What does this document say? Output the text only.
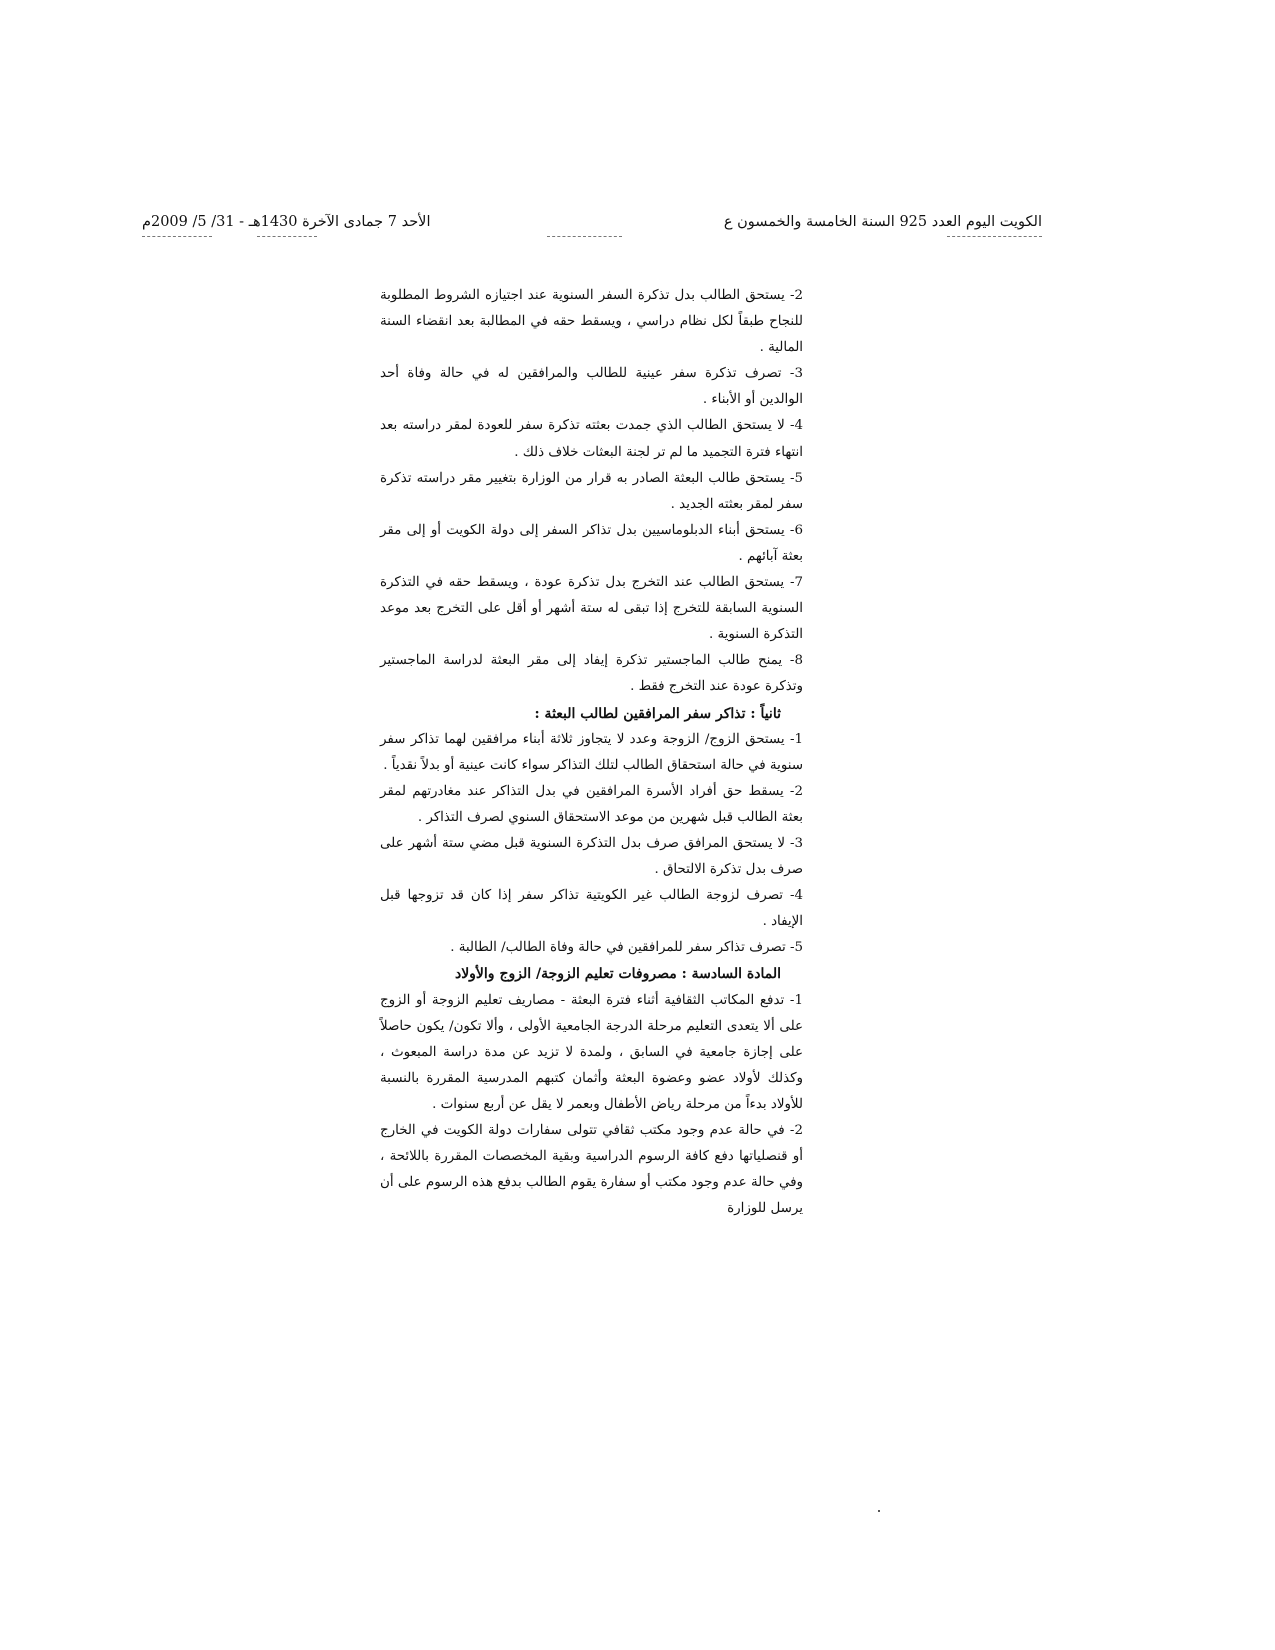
الكويت اليوم العدد 925 السنة الخامسة والخمسون ع
الأحد 7 جمادى الآخرة 1430هـ - 31/ 5/ 2009م

2- يستحق الطالب بدل تذكرة السفر السنوية عند اجتيازه الشروط المطلوبة للنجاح طبقاً لكل نظام دراسي ، ويسقط حقه في المطالبة بعد انقضاء السنة المالية .

3- تصرف تذكرة سفر عينية للطالب والمرافقين له في حالة وفاة أحد الوالدين أو الأبناء .

4- لا يستحق الطالب الذي جمدت بعثته تذكرة سفر للعودة لمقر دراسته بعد انتهاء فترة التجميد ما لم تر لجنة البعثات خلاف ذلك .

5- يستحق طالب البعثة الصادر به قرار من الوزارة بتغيير مقر دراسته تذكرة سفر لمقر بعثته الجديد .

6- يستحق أبناء الدبلوماسيين بدل تذاكر السفر إلى دولة الكويت أو إلى مقر بعثة آبائهم .

7- يستحق الطالب عند التخرج بدل تذكرة عودة ، ويسقط حقه في التذكرة السنوية السابقة للتخرج إذا تبقى له ستة أشهر أو أقل على التخرج بعد موعد التذكرة السنوية .

8- يمنح طالب الماجستير تذكرة إيفاد إلى مقر البعثة لدراسة الماجستير وتذكرة عودة عند التخرج فقط .

ثانياً : تذاكر سفر المرافقين لطالب البعثة :

1- يستحق الزوج/ الزوجة وعدد لا يتجاوز ثلاثة أبناء مرافقين لهما تذاكر سفر سنوية في حالة استحقاق الطالب لتلك التذاكر سواء كانت عينية أو بدلاً نقدياً .

2- يسقط حق أفراد الأسرة المرافقين في بدل التذاكر عند مغادرتهم لمقر بعثة الطالب قبل شهرين من موعد الاستحقاق السنوي لصرف التذاكر .

3- لا يستحق المرافق صرف بدل التذكرة السنوية قبل مضي ستة أشهر على صرف بدل تذكرة الالتحاق .

4- تصرف لزوجة الطالب غير الكويتية تذاكر سفر إذا كان قد تزوجها قبل الإيفاد .

5- تصرف تذاكر سفر للمرافقين في حالة وفاة الطالب/ الطالبة .

المادة السادسة : مصروفات تعليم الزوجة/ الزوج والأولاد

1- تدفع المكاتب الثقافية أثناء فترة البعثة - مصاريف تعليم الزوجة أو الزوج على ألا يتعدى التعليم مرحلة الدرجة الجامعية الأولى ، وألا تكون/ يكون حاصلاً على إجازة جامعية في السابق ، ولمدة لا تزيد عن مدة دراسة المبعوث ، وكذلك لأولاد عضو وعضوة البعثة وأثمان كتبهم المدرسية المقررة بالنسبة للأولاد بدءاً من مرحلة رياض الأطفال وبعمر لا يقل عن أربع سنوات .

2- في حالة عدم وجود مكتب ثقافي تتولى سفارات دولة الكويت في الخارج أو قنصلياتها دفع كافة الرسوم الدراسية وبقية المخصصات المقررة باللائحة ، وفي حالة عدم وجود مكتب أو سفارة يقوم الطالب بدفع هذه الرسوم على أن يرسل للوزارة
